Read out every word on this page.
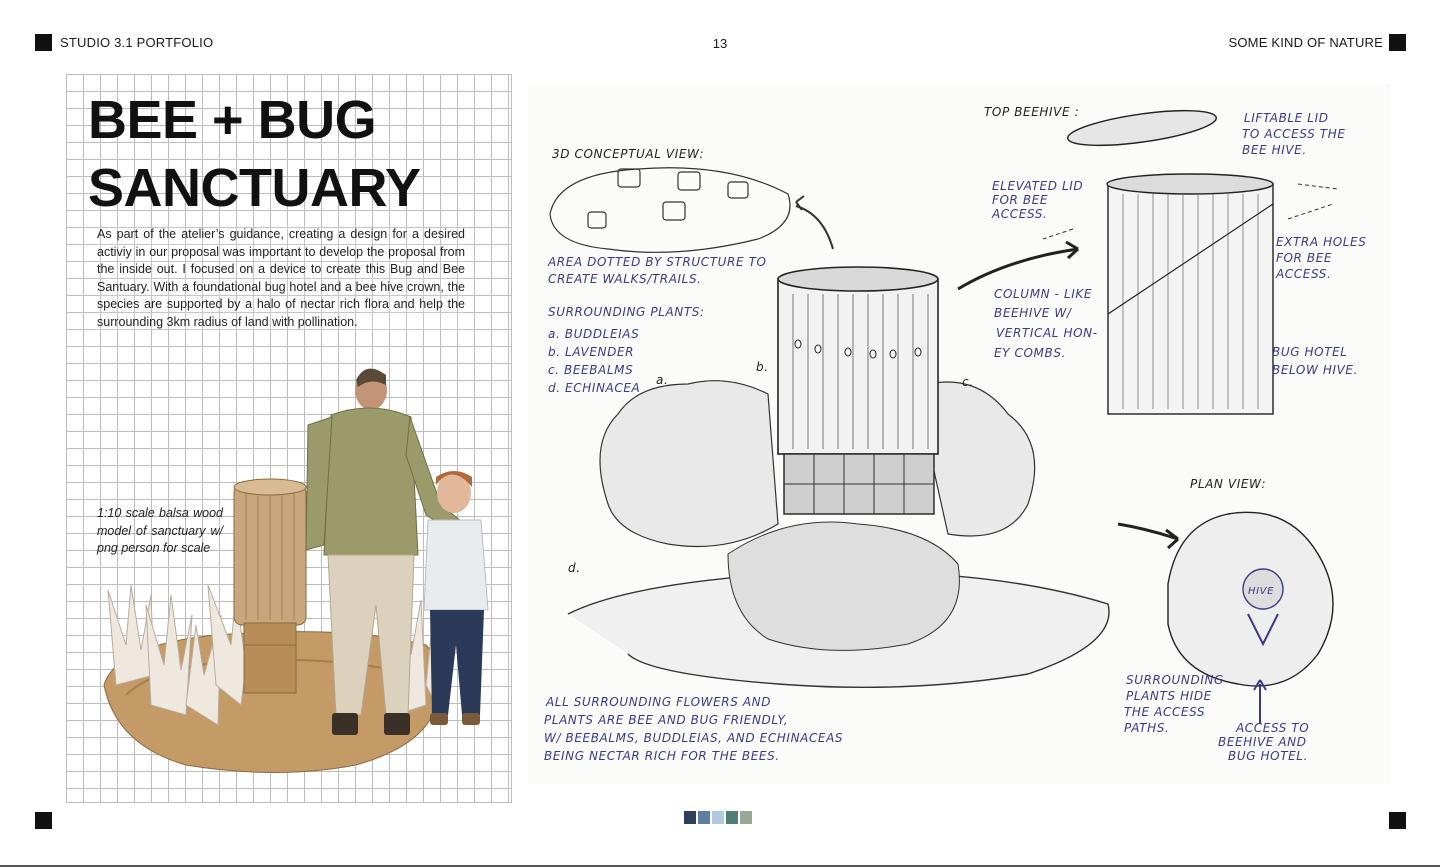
STUDIO 3.1 PORTFOLIO	13	SOME KIND OF NATURE
BEE + BUG
SANCTUARY
As part of the atelier’s guidance, creating a design for a desired activiy in our proposal was important to develop the proposal from the inside out. I focused on a device to create this Bug and Bee Santuary. With a foundational bug hotel and a bee hive crown, the species are supported by a halo of nectar rich flora and help the surrounding 3km radius of land with pollination.
1:10 scale balsa wood model of sanctuary w/ png person for scale
3D CONCEPTUAL VIEW:
AREA DOTTED BY STRUCTURE TO
CREATE WALKS/TRAILS.
SURROUNDING PLANTS:
a. BUDDLEIAS
b. LAVENDER
c. BEEBALMS
d. ECHINACEA
a.
b.
c.
d.
TOP BEEHIVE :	LIFTABLE LID
TO ACCESS THE
BEE HIVE.
ELEVATED LID
FOR BEE
ACCESS.
EXTRA HOLES
FOR BEE
ACCESS.
COLUMN - LIKE
BEEHIVE W/
VERTICAL HON-
EY COMBS.	BUG HOTEL
BELOW HIVE.
PLAN VIEW:
HIVE
SURROUNDING
PLANTS HIDE
THE ACCESS
PATHS.	ACCESS TO
BEEHIVE AND
BUG HOTEL.
ALL SURROUNDING FLOWERS AND
PLANTS ARE BEE AND BUG FRIENDLY,
W/ BEEBALMS, BUDDLEIAS, AND ECHINACEAS
BEING NECTAR RICH FOR THE BEES.
